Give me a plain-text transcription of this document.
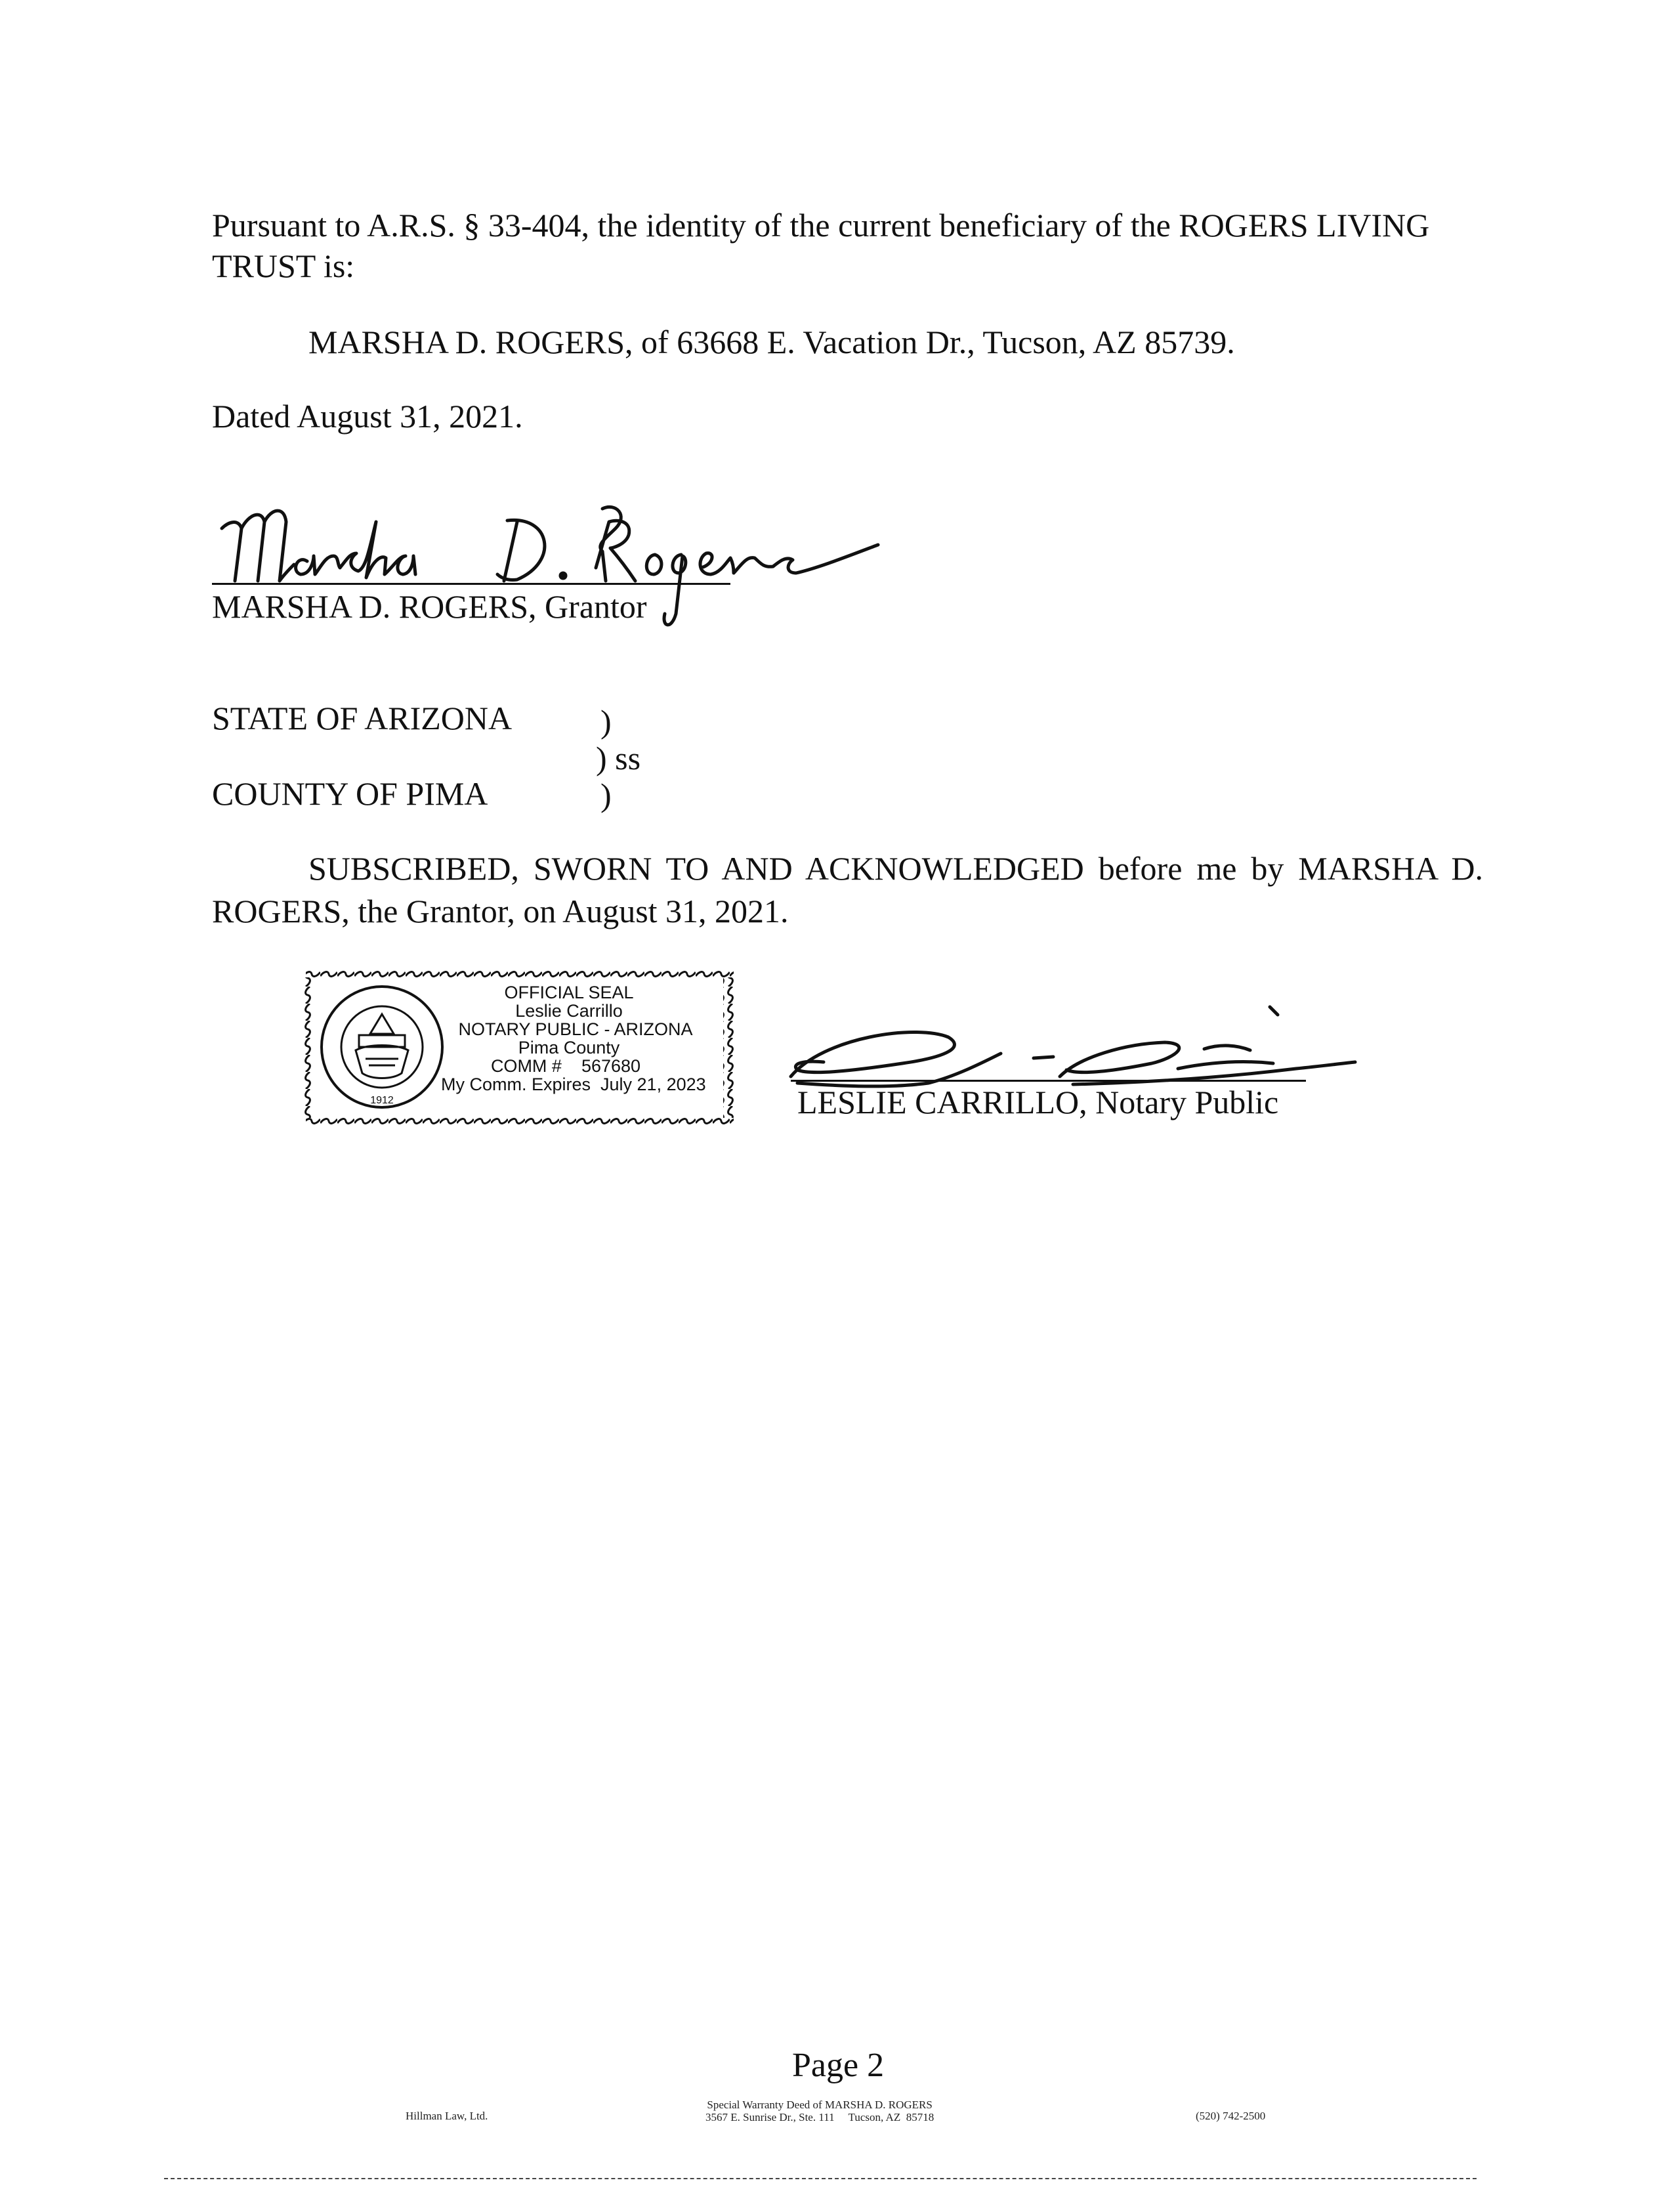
Pursuant to A.R.S. § 33-404, the identity of the current beneficiary of the ROGERS LIVING TRUST is:
MARSHA D. ROGERS, of 63668 E. Vacation Dr., Tucson, AZ 85739.
Dated August 31, 2021.
MARSHA D. ROGERS, Grantor
STATE OF ARIZONA
COUNTY OF PIMA
)
) ss
)
SUBSCRIBED, SWORN TO AND ACKNOWLEDGED before me by MARSHA D.
ROGERS, the Grantor, on August 31, 2021.
1912
OFFICIAL SEAL
Leslie Carrillo
NOTARY PUBLIC - ARIZONA
Pima County
COMM #    567680
My Comm. Expires  July 21, 2023	LESLIE CARRILLO, Notary Public
Page 2
Hillman Law, Ltd.
Special Warranty Deed of MARSHA D. ROGERS
3567 E. Sunrise Dr., Ste. 111     Tucson, AZ  85718	(520) 742-2500
